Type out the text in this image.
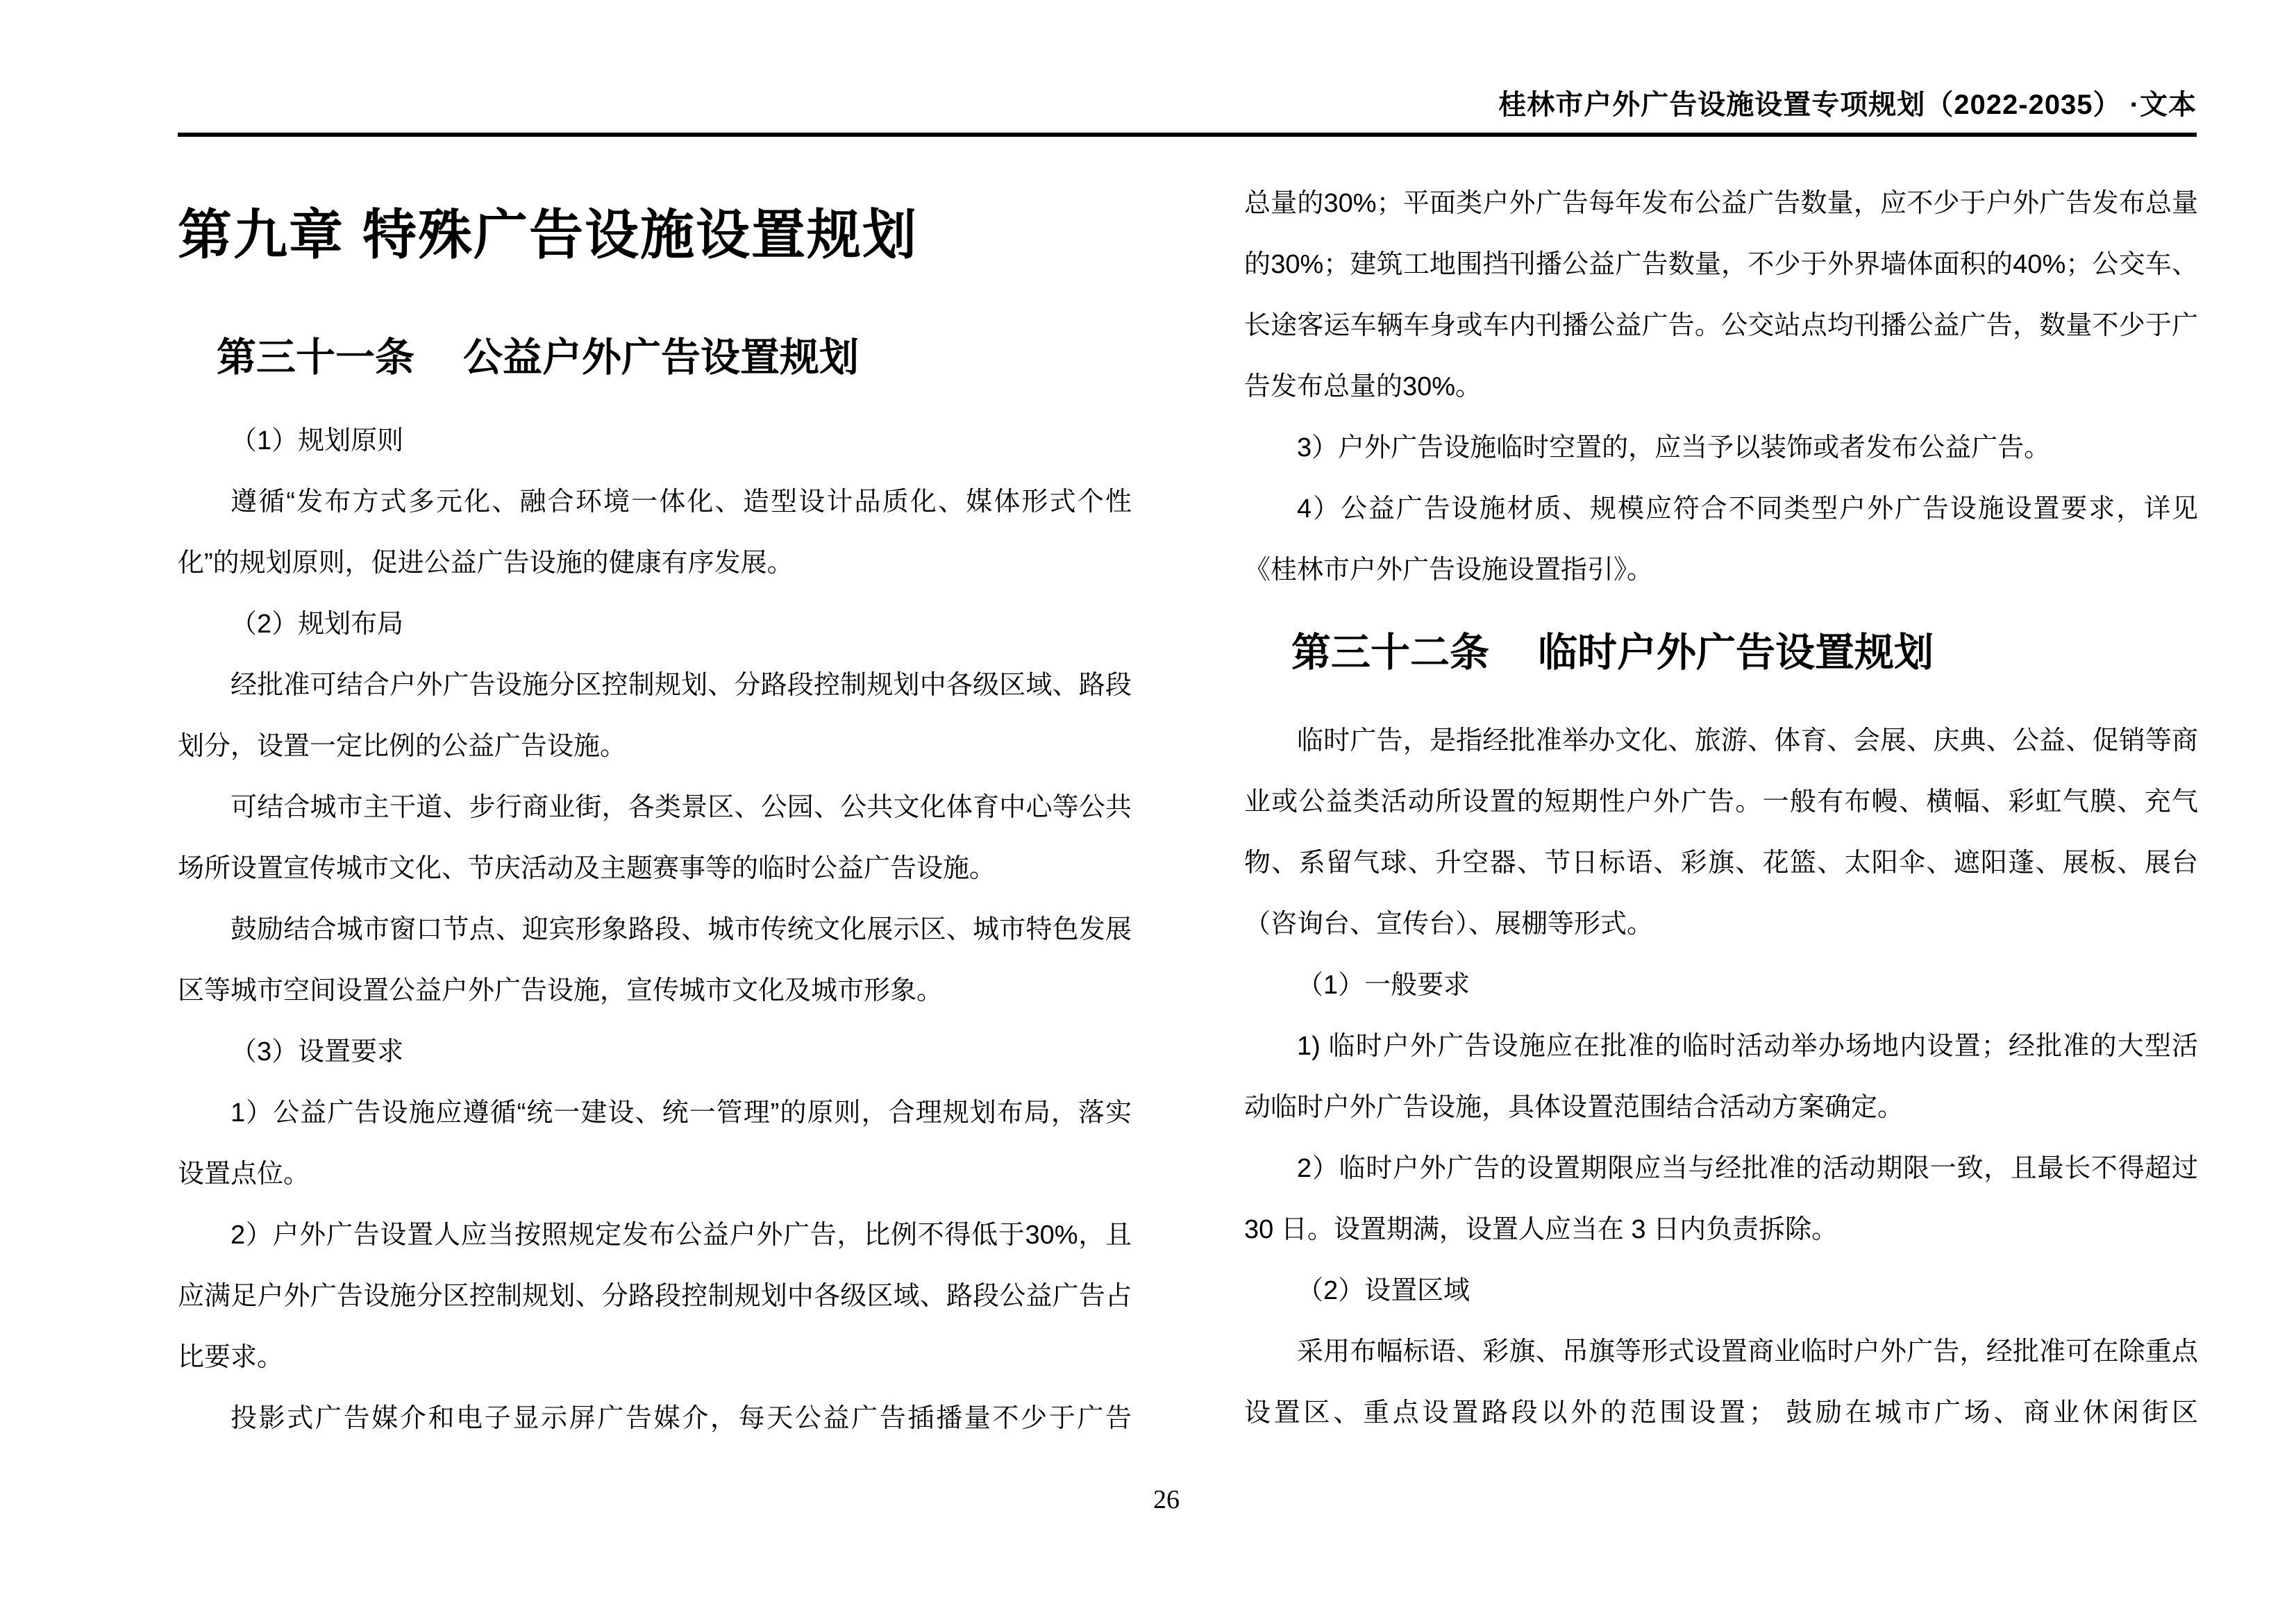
桂林市户外广告设施设置专项规划（2022-2035） ·文本
第九章 特殊广告设施设置规划
第三十一条 公益户外广告设置规划

（1）规划原则

遵循“发布方式多元化、融合环境一体化、造型设计品质化、媒体形式个性化”的规划原则，促进公益广告设施的健康有序发展。

（2）规划布局

经批准可结合户外广告设施分区控制规划、分路段控制规划中各级区域、路段划分，设置一定比例的公益广告设施。

可结合城市主干道、步行商业街，各类景区、公园、公共文化体育中心等公共场所设置宣传城市文化、节庆活动及主题赛事等的临时公益广告设施。

鼓励结合城市窗口节点、迎宾形象路段、城市传统文化展示区、城市特色发展区等城市空间设置公益户外广告设施，宣传城市文化及城市形象。

（3）设置要求

1）公益广告设施应遵循“统一建设、统一管理”的原则，合理规划布局，落实设置点位。

2）户外广告设置人应当按照规定发布公益户外广告，比例不得低于30%，且应满足户外广告设施分区控制规划、分路段控制规划中各级区域、路段公益广告占比要求。

投影式广告媒介和电子显示屏广告媒介，每天公益广告插播量不少于广告

总量的30%；平面类户外广告每年发布公益广告数量，应不少于户外广告发布总量的30%；建筑工地围挡刊播公益广告数量，不少于外界墙体面积的40%；公交车、长途客运车辆车身或车内刊播公益广告。公交站点均刊播公益广告，数量不少于广告发布总量的30%。

3）户外广告设施临时空置的，应当予以装饰或者发布公益广告。

4）公益广告设施材质、规模应符合不同类型户外广告设施设置要求，详见《桂林市户外广告设施设置指引》。

第三十二条 临时户外广告设置规划

临时广告，是指经批准举办文化、旅游、体育、会展、庆典、公益、促销等商业或公益类活动所设置的短期性户外广告。一般有布幔、横幅、彩虹气膜、充气物、系留气球、升空器、节日标语、彩旗、花篮、太阳伞、遮阳蓬、展板、展台（咨询台、宣传台）、展棚等形式。

（1）一般要求

1) 临时户外广告设施应在批准的临时活动举办场地内设置；经批准的大型活动临时户外广告设施，具体设置范围结合活动方案确定。

2）临时户外广告的设置期限应当与经批准的活动期限一致，且最长不得超过 30 日。设置期满，设置人应当在 3 日内负责拆除。

（2）设置区域

采用布幅标语、彩旗、吊旗等形式设置商业临时户外广告，经批准可在除重点设置区、重点设置路段以外的范围设置； 鼓励在城市广场、商业休闲街区

26
